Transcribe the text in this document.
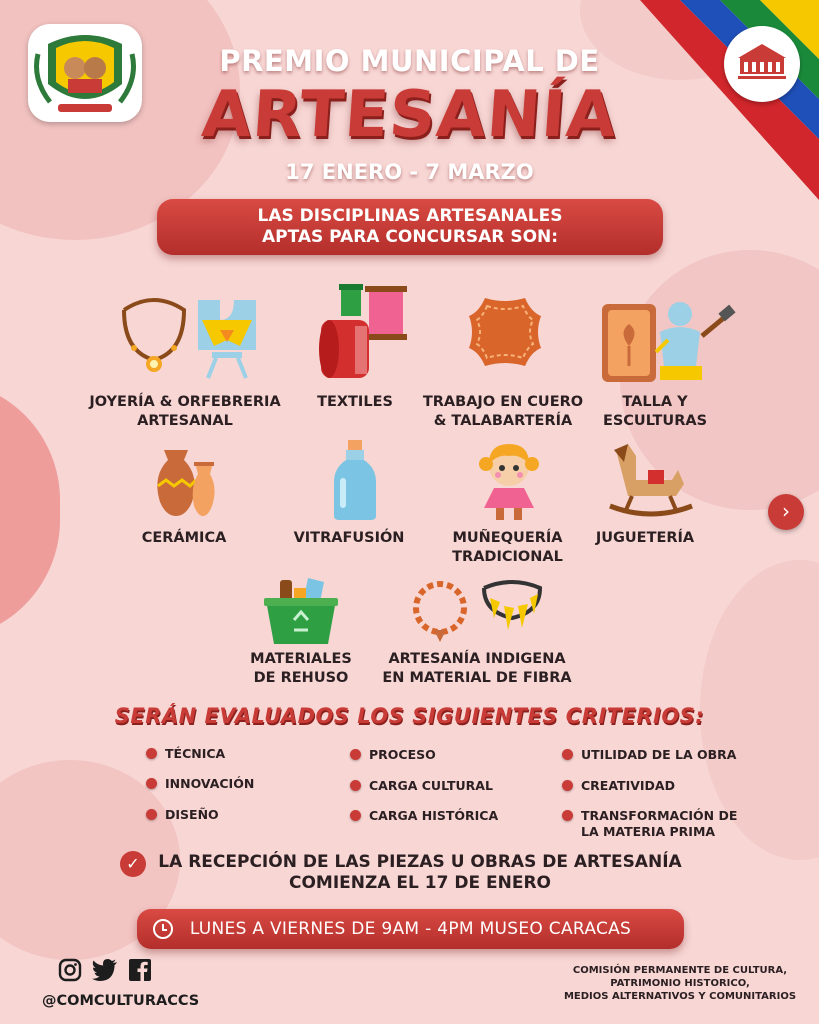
PREMIO MUNICIPAL DE
ARTESANÍA
17 ENERO - 7 MARZO
LAS DISCIPLINAS ARTESANALES
APTAS PARA CONCURSAR SON:
JOYERÍA & ORFEBRERIA
ARTESANAL
TEXTILES	TRABAJO EN CUERO
& TALABARTERÍA
TALLA Y
ESCULTURAS
CERÁMICA	VITRAFUSIÓN	MUÑEQUERÍA
TRADICIONAL
JUGUETERÍA
›
MATERIALES
DE REHUSO
ARTESANÍA INDIGENA
EN MATERIAL DE FIBRA
SERÁN EVALUADOS LOS SIGUIENTES CRITERIOS:
TÉCNICA
INNOVACIÓN
DISEÑO
PROCESO
CARGA CULTURAL
CARGA HISTÓRICA
UTILIDAD DE LA OBRA
CREATIVIDAD
TRANSFORMACIÓN DE LA MATERIA PRIMA
✓	LA RECEPCIÓN DE LAS PIEZAS U OBRAS DE ARTESANÍA
COMIENZA EL 17 DE ENERO
LUNES A VIERNES DE 9AM - 4PM MUSEO CARACAS
@COMCULTURACCS
COMISIÓN PERMANENTE DE CULTURA,
PATRIMONIO HISTORICO,
MEDIOS ALTERNATIVOS Y COMUNITARIOS
